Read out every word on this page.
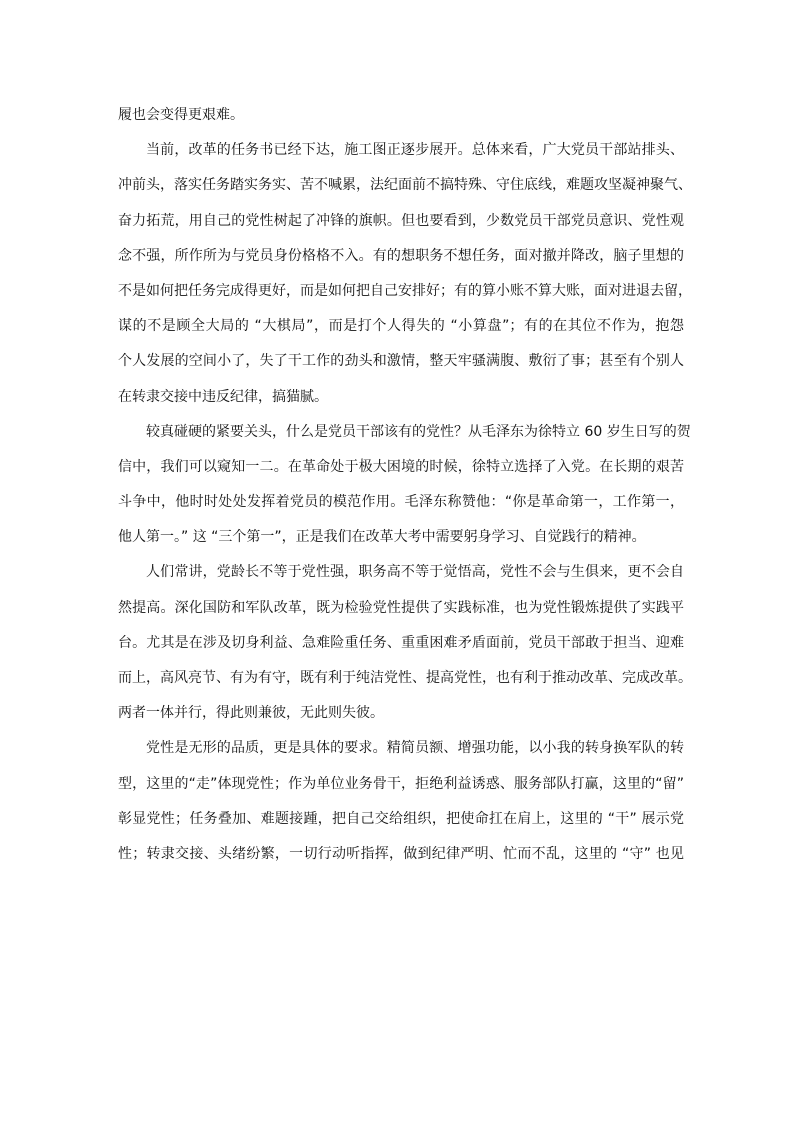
履也会变得更艰难。
当前，改革的任务书已经下达，施工图正逐步展开。总体来看，广大党员干部站排头、
冲前头，落实任务踏实务实、苦不喊累，法纪面前不搞特殊、守住底线，难题攻坚凝神聚气、
奋力拓荒，用自己的党性树起了冲锋的旗帜。但也要看到，少数党员干部党员意识、党性观
念不强，所作所为与党员身份格格不入。有的想职务不想任务，面对撤并降改，脑子里想的
不是如何把任务完成得更好，而是如何把自己安排好；有的算小账不算大账，面对进退去留，
谋的不是顾全大局的 “大棋局”，而是打个人得失的 “小算盘”；有的在其位不作为，抱怨
个人发展的空间小了，失了干工作的劲头和激情，整天牢骚满腹、敷衍了事；甚至有个别人
在转隶交接中违反纪律，搞猫腻。
较真碰硬的紧要关头，什么是党员干部该有的党性？从毛泽东为徐特立 60 岁生日写的贺
信中，我们可以窥知一二。在革命处于极大困境的时候，徐特立选择了入党。在长期的艰苦
斗争中，他时时处处发挥着党员的模范作用。毛泽东称赞他：“你是革命第一，工作第一，
他人第一。” 这 “三个第一”，正是我们在改革大考中需要躬身学习、自觉践行的精神。
人们常讲，党龄长不等于党性强，职务高不等于觉悟高，党性不会与生俱来，更不会自
然提高。深化国防和军队改革，既为检验党性提供了实践标准，也为党性锻炼提供了实践平
台。尤其是在涉及切身利益、急难险重任务、重重困难矛盾面前，党员干部敢于担当、迎难
而上，高风亮节、有为有守，既有利于纯洁党性、提高党性，也有利于推动改革、完成改革。
两者一体并行，得此则兼彼，无此则失彼。
党性是无形的品质，更是具体的要求。精简员额、增强功能，以小我的转身换军队的转
型，这里的“走”体现党性；作为单位业务骨干，拒绝利益诱惑、服务部队打赢，这里的“留”
彰显党性；任务叠加、难题接踵，把自己交给组织，把使命扛在肩上，这里的 “干” 展示党
性；转隶交接、头绪纷繁，一切行动听指挥，做到纪律严明、忙而不乱，这里的 “守” 也见
